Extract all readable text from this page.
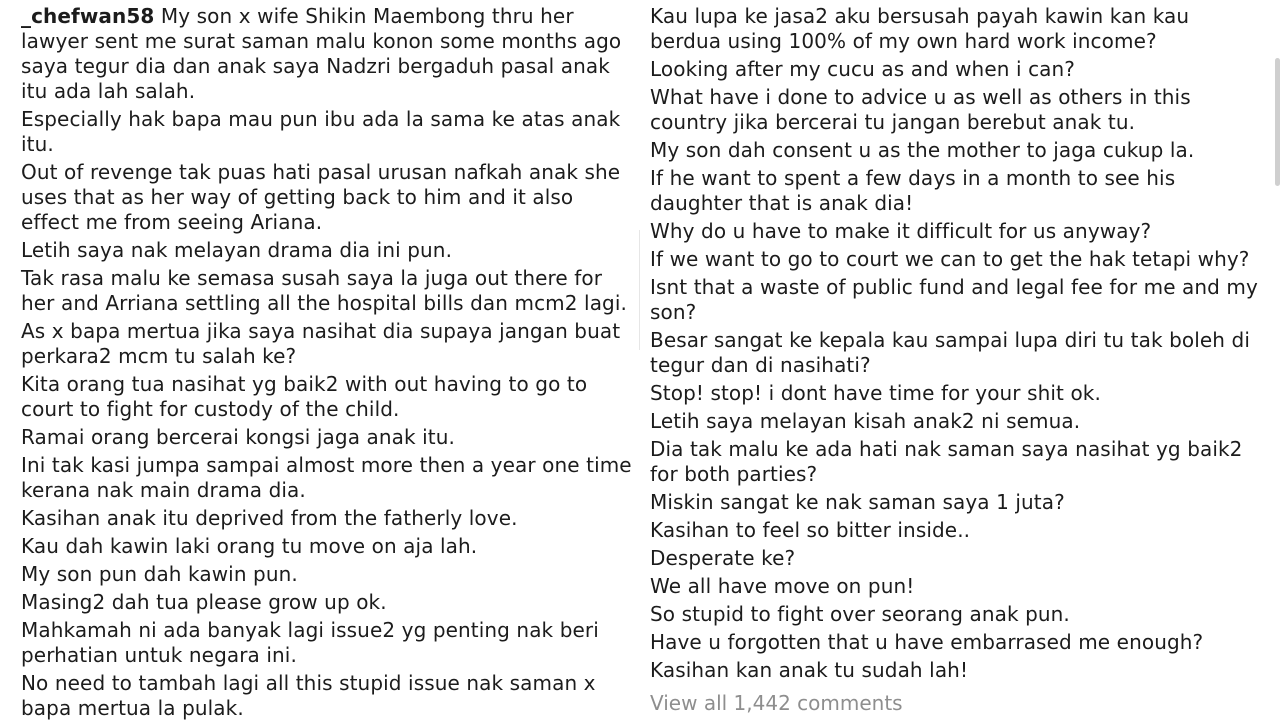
_chefwan58 My son x wife Shikin Maembong thru her lawyer sent me surat saman malu konon some months ago saya tegur dia dan anak saya Nadzri bergaduh pasal anak itu ada lah salah.

Especially hak bapa mau pun ibu ada la sama ke atas anak itu.

Out of revenge tak puas hati pasal urusan nafkah anak she uses that as her way of getting back to him and it also effect me from seeing Ariana.

Letih saya nak melayan drama dia ini pun.

Tak rasa malu ke semasa susah saya la juga out there for her and Arriana settling all the hospital bills dan mcm2 lagi.

As x bapa mertua jika saya nasihat dia supaya jangan buat perkara2 mcm tu salah ke?

Kita orang tua nasihat yg baik2 with out having to go to court to fight for custody of the child.

Ramai orang bercerai kongsi jaga anak itu.

Ini tak kasi jumpa sampai almost more then a year one time kerana nak main drama dia.

Kasihan anak itu deprived from the fatherly love.

Kau dah kawin laki orang tu move on aja lah.

My son pun dah kawin pun.

Masing2 dah tua please grow up ok.

Mahkamah ni ada banyak lagi issue2 yg penting nak beri perhatian untuk negara ini.

No need to tambah lagi all this stupid issue nak saman x bapa mertua la pulak.

Kau lupa ke jasa2 aku bersusah payah kawin kan kau berdua using 100% of my own hard work income?

Looking after my cucu as and when i can?

What have i done to advice u as well as others in this country jika bercerai tu jangan berebut anak tu.

My son dah consent u as the mother to jaga cukup la.

If he want to spent a few days in a month to see his daughter that is anak dia!

Why do u have to make it difficult for us anyway?

If we want to go to court we can to get the hak tetapi why?

Isnt that a waste of public fund and legal fee for me and my son?

Besar sangat ke kepala kau sampai lupa diri tu tak boleh di tegur dan di nasihati?

Stop! stop! i dont have time for your shit ok.

Letih saya melayan kisah anak2 ni semua.

Dia tak malu ke ada hati nak saman saya nasihat yg baik2 for both parties?

Miskin sangat ke nak saman saya 1 juta?

Kasihan to feel so bitter inside..

Desperate ke?

We all have move on pun!

So stupid to fight over seorang anak pun.

Have u forgotten that u have embarrased me enough?

Kasihan kan anak tu sudah lah!

View all 1,442 comments
